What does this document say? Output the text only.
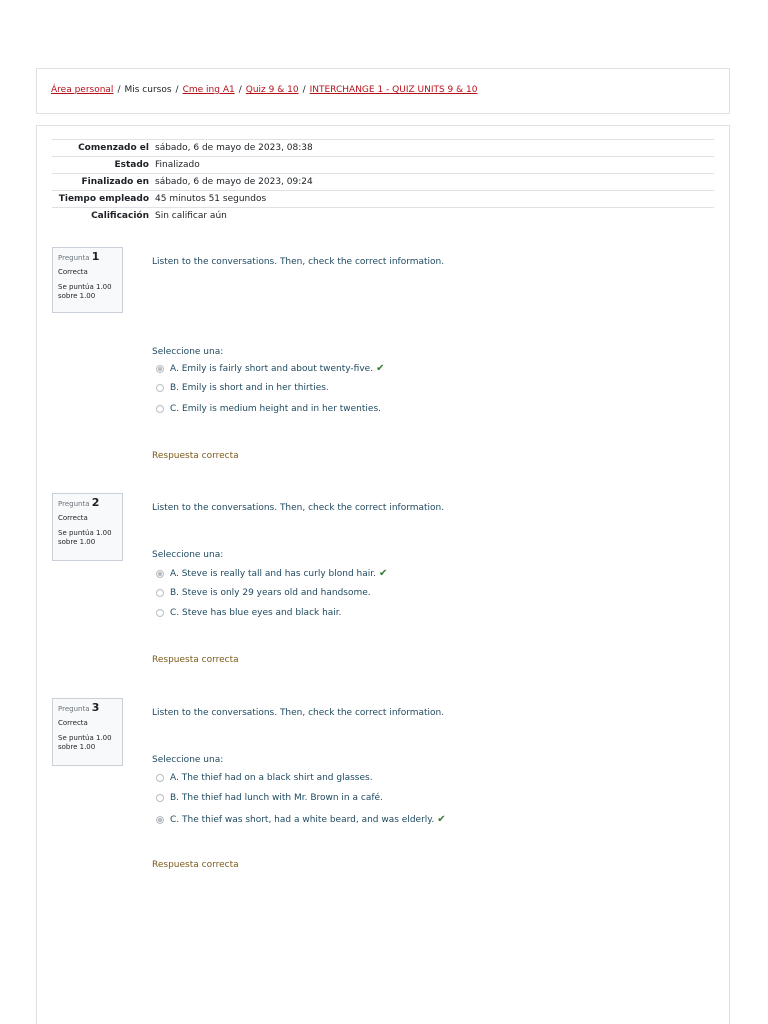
Área personal / Mis cursos / Cme ing A1 / Quiz 9 & 10 / INTERCHANGE 1 - QUIZ UNITS 9 & 10
Comenzado el	sábado, 6 de mayo de 2023, 08:38
Estado	Finalizado
Finalizado en	sábado, 6 de mayo de 2023, 09:24
Tiempo empleado	45 minutos 51 segundos
Calificación	Sin calificar aún
Pregunta 1
Correcta
Se puntúa 1.00 sobre 1.00
Listen to the conversations. Then, check the correct information.
Seleccione una:
A. Emily is fairly short and about twenty-five. ✔
B. Emily is short and in her thirties.
C. Emily is medium height and in her twenties.
Respuesta correcta
Pregunta 2
Correcta
Se puntúa 1.00 sobre 1.00
Listen to the conversations. Then, check the correct information.
Seleccione una:
A. Steve is really tall and has curly blond hair. ✔
B. Steve is only 29 years old and handsome.
C. Steve has blue eyes and black hair.
Respuesta correcta
Pregunta 3
Correcta
Se puntúa 1.00 sobre 1.00
Listen to the conversations. Then, check the correct information.
Seleccione una:
A. The thief had on a black shirt and glasses.
B. The thief had lunch with Mr. Brown in a café.
C. The thief was short, had a white beard, and was elderly. ✔
Respuesta correcta
